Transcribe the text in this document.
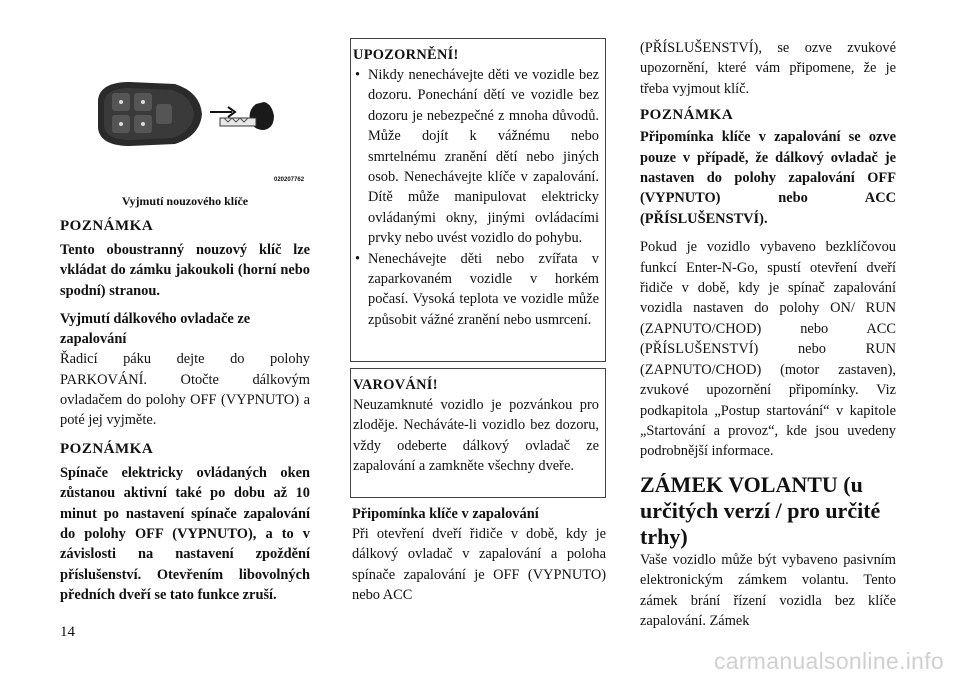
020207762
Vyjmutí nouzového klíče

POZNÁMKA

Tento oboustranný nouzový klíč lze vkládat do zámku jakoukoli (horní nebo spodní) stranou.

Vyjmutí dálkového ovladače ze zapalování

Řadicí páku dejte do polohy PARKOVÁNÍ. Otočte dálkovým ovladačem do polohy OFF (VYPNUTO) a poté jej vyjměte.

POZNÁMKA

Spínače elektricky ovládaných oken zůstanou aktivní také po dobu až 10 minut po nastavení spínače zapalování do polohy OFF (VYPNUTO), a to v závislosti na nastavení zpoždění příslušenství. Otevřením libovolných předních dveří se tato funkce zruší.

UPOZORNĚNÍ!
• Nikdy nenechávejte děti ve vozidle bez dozoru. Ponechání dětí ve vozidle bez dozoru je nebezpečné z mnoha důvodů. Může dojít k vážnému nebo smrtelnému zranění dětí nebo jiných osob. Nenechávejte klíče v zapalování. Dítě může manipulovat elektricky ovládanými okny, jinými ovládacími prvky nebo uvést vozidlo do pohybu.
• Nenechávejte děti nebo zvířata v zaparkovaném vozidle v horkém počasí. Vysoká teplota ve vozidle může způsobit vážné zranění nebo usmrcení.
VAROVÁNÍ!

Neuzamknuté vozidlo je pozvánkou pro zloděje. Necháváte-li vozidlo bez dozoru, vždy odeberte dálkový ovladač ze zapalování a zamkněte všechny dveře.

Připomínka klíče v zapalování

Při otevření dveří řidiče v době, kdy je dálkový ovladač v zapalování a poloha spínače zapalování je OFF (VYPNUTO) nebo ACC

(PŘÍSLUŠENSTVÍ), se ozve zvukové upozornění, které vám připomene, že je třeba vyjmout klíč.

POZNÁMKA

Připomínka klíče v zapalování se ozve pouze v případě, že dálkový ovladač je nastaven do polohy zapalování OFF (VYPNUTO) nebo ACC (PŘÍSLUŠENSTVÍ).

Pokud je vozidlo vybaveno bezklíčovou funkcí Enter-N-Go, spustí otevření dveří řidiče v době, kdy je spínač zapalování vozidla nastaven do polohy ON/ RUN (ZAPNUTO/CHOD) nebo ACC (PŘÍSLUŠENSTVÍ) nebo RUN (ZAPNUTO/CHOD) (motor zastaven), zvukové upozornění připomínky. Viz podkapitola „Postup startování“ v kapitole „Startování a provoz“, kde jsou uvedeny podrobnější informace.

ZÁMEK VOLANTU (u určitých verzí / pro určité trhy)

Vaše vozidlo může být vybaveno pasivním elektronickým zámkem volantu. Tento zámek brání řízení vozidla bez klíče zapalování. Zámek

14
carmanualsonline.info
